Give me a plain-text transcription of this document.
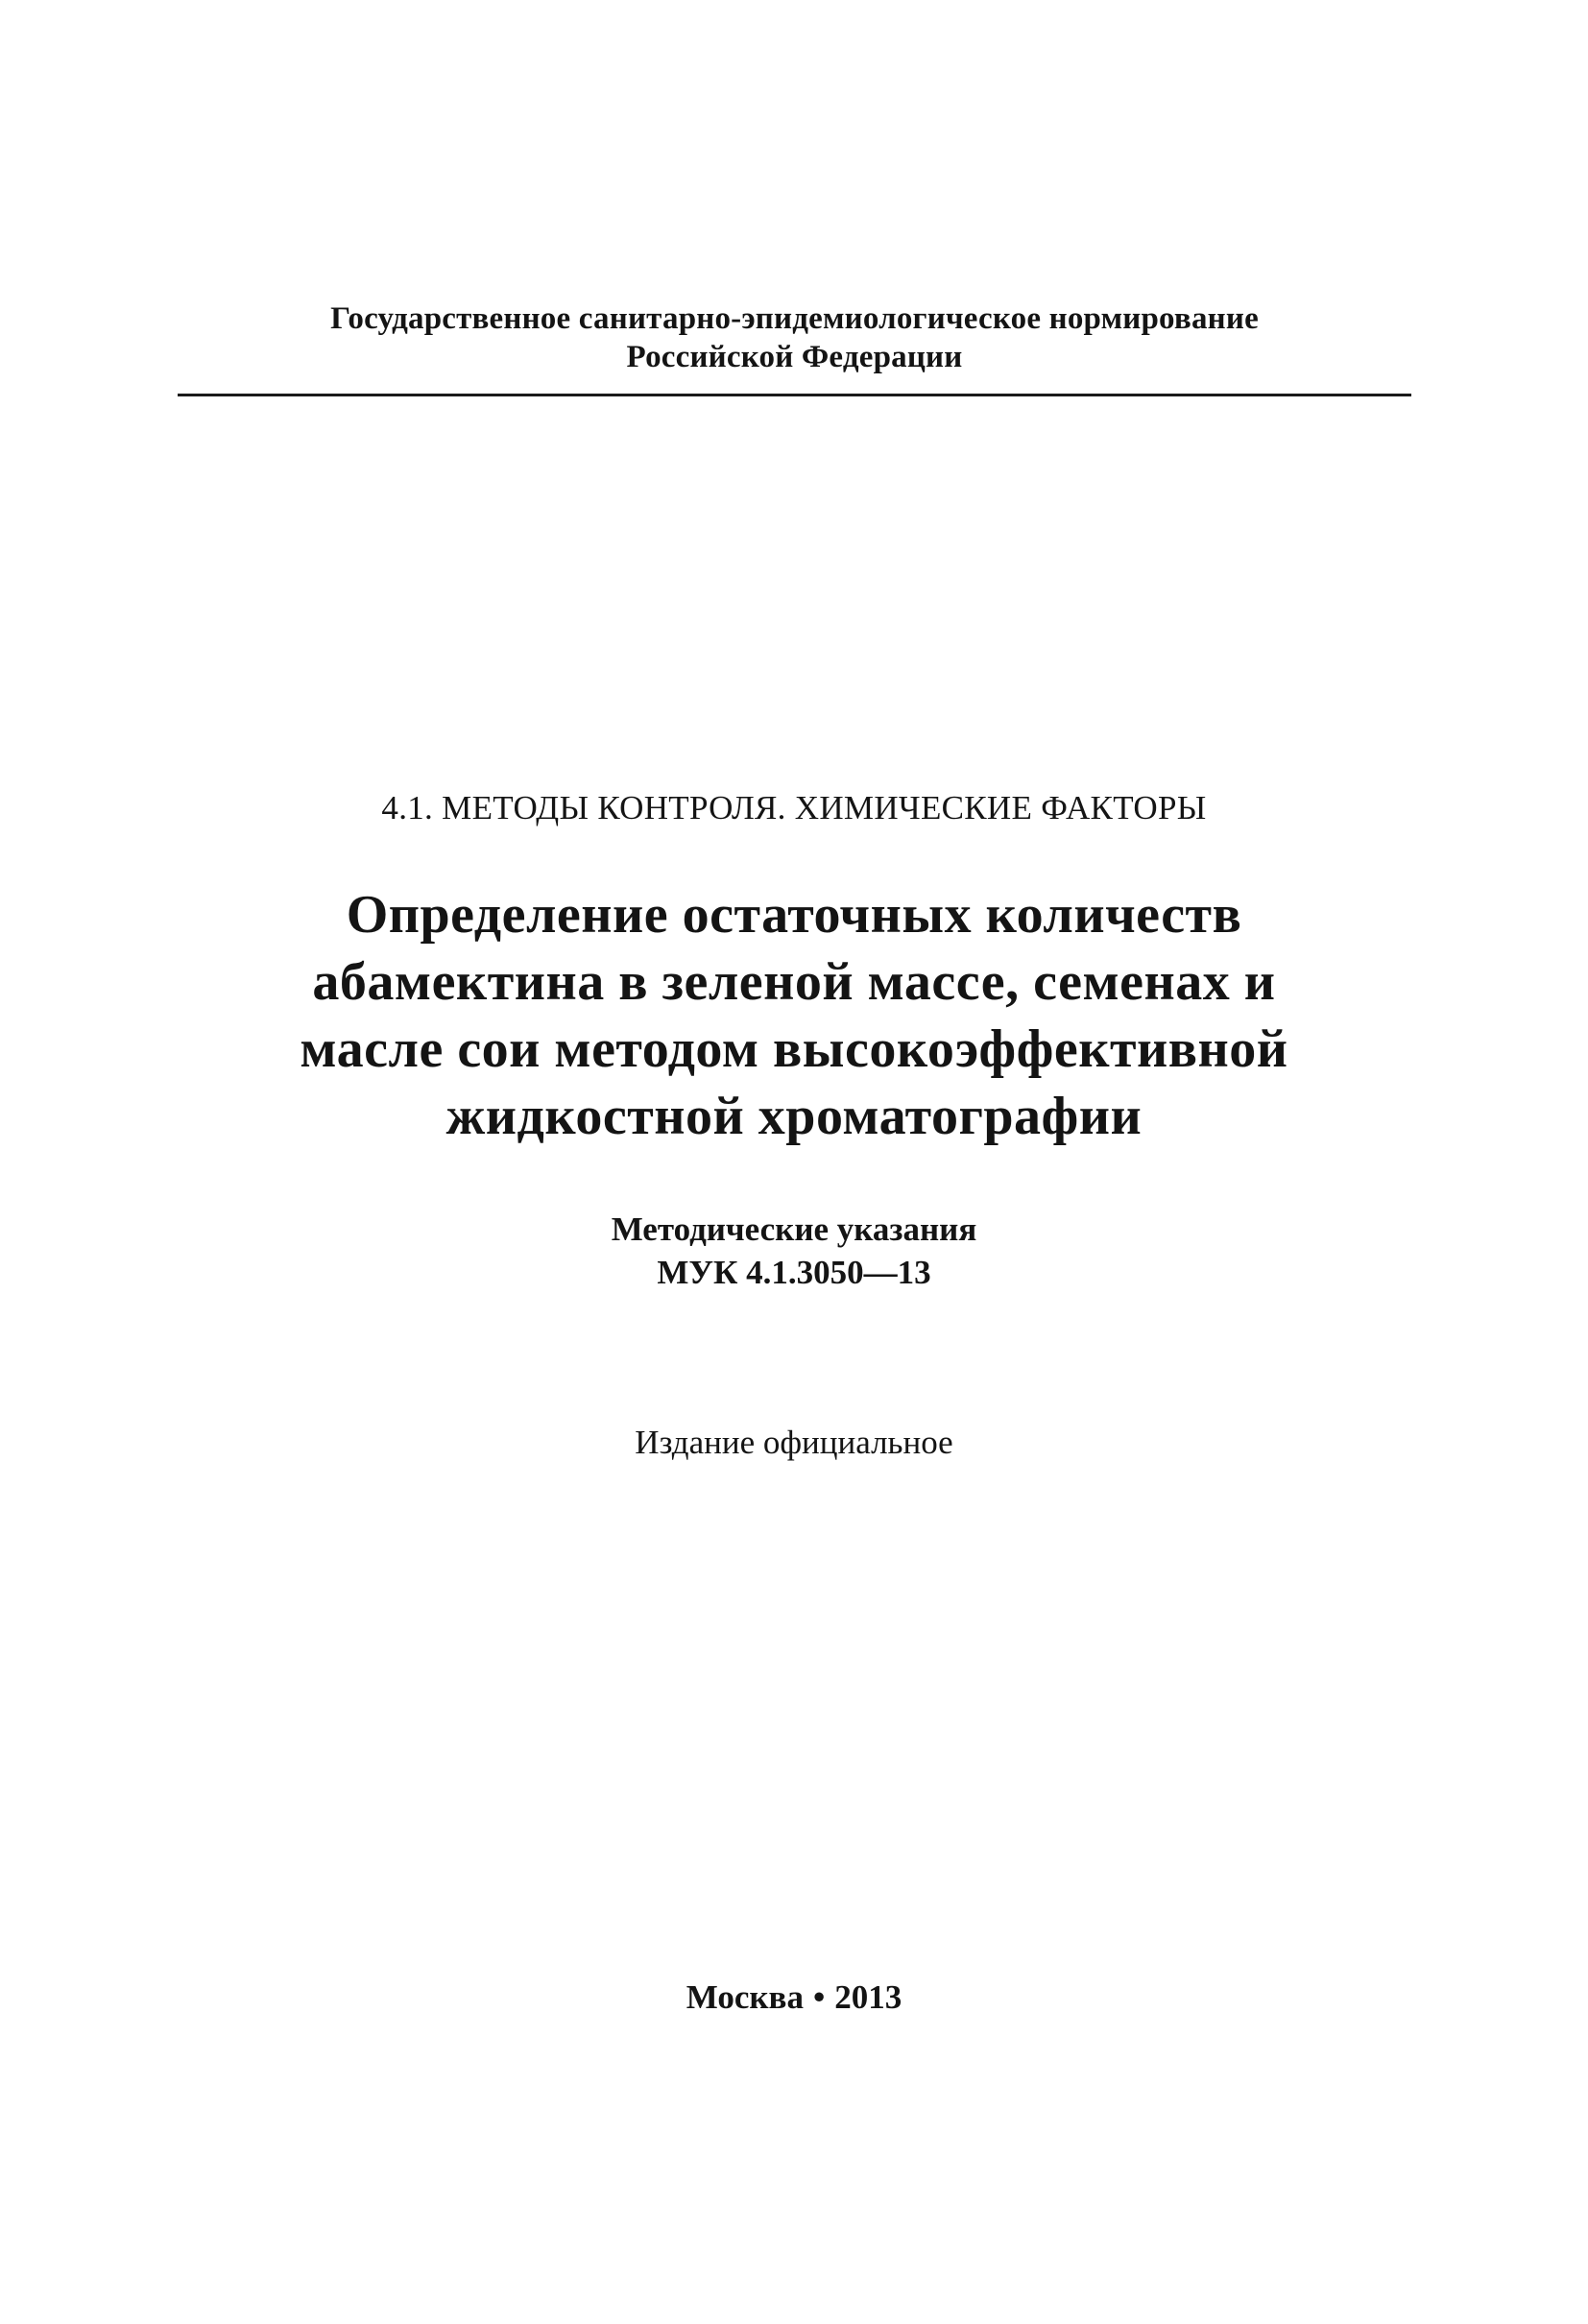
Государственное санитарно-эпидемиологическое нормирование
Российской Федерации
4.1. МЕТОДЫ КОНТРОЛЯ. ХИМИЧЕСКИЕ ФАКТОРЫ
Определение остаточных количеств
абамектина в зеленой массе, семенах и
масле сои методом высокоэффективной
жидкостной хроматографии
Методические указания
МУК 4.1.3050—13
Издание официальное
Москва • 2013
